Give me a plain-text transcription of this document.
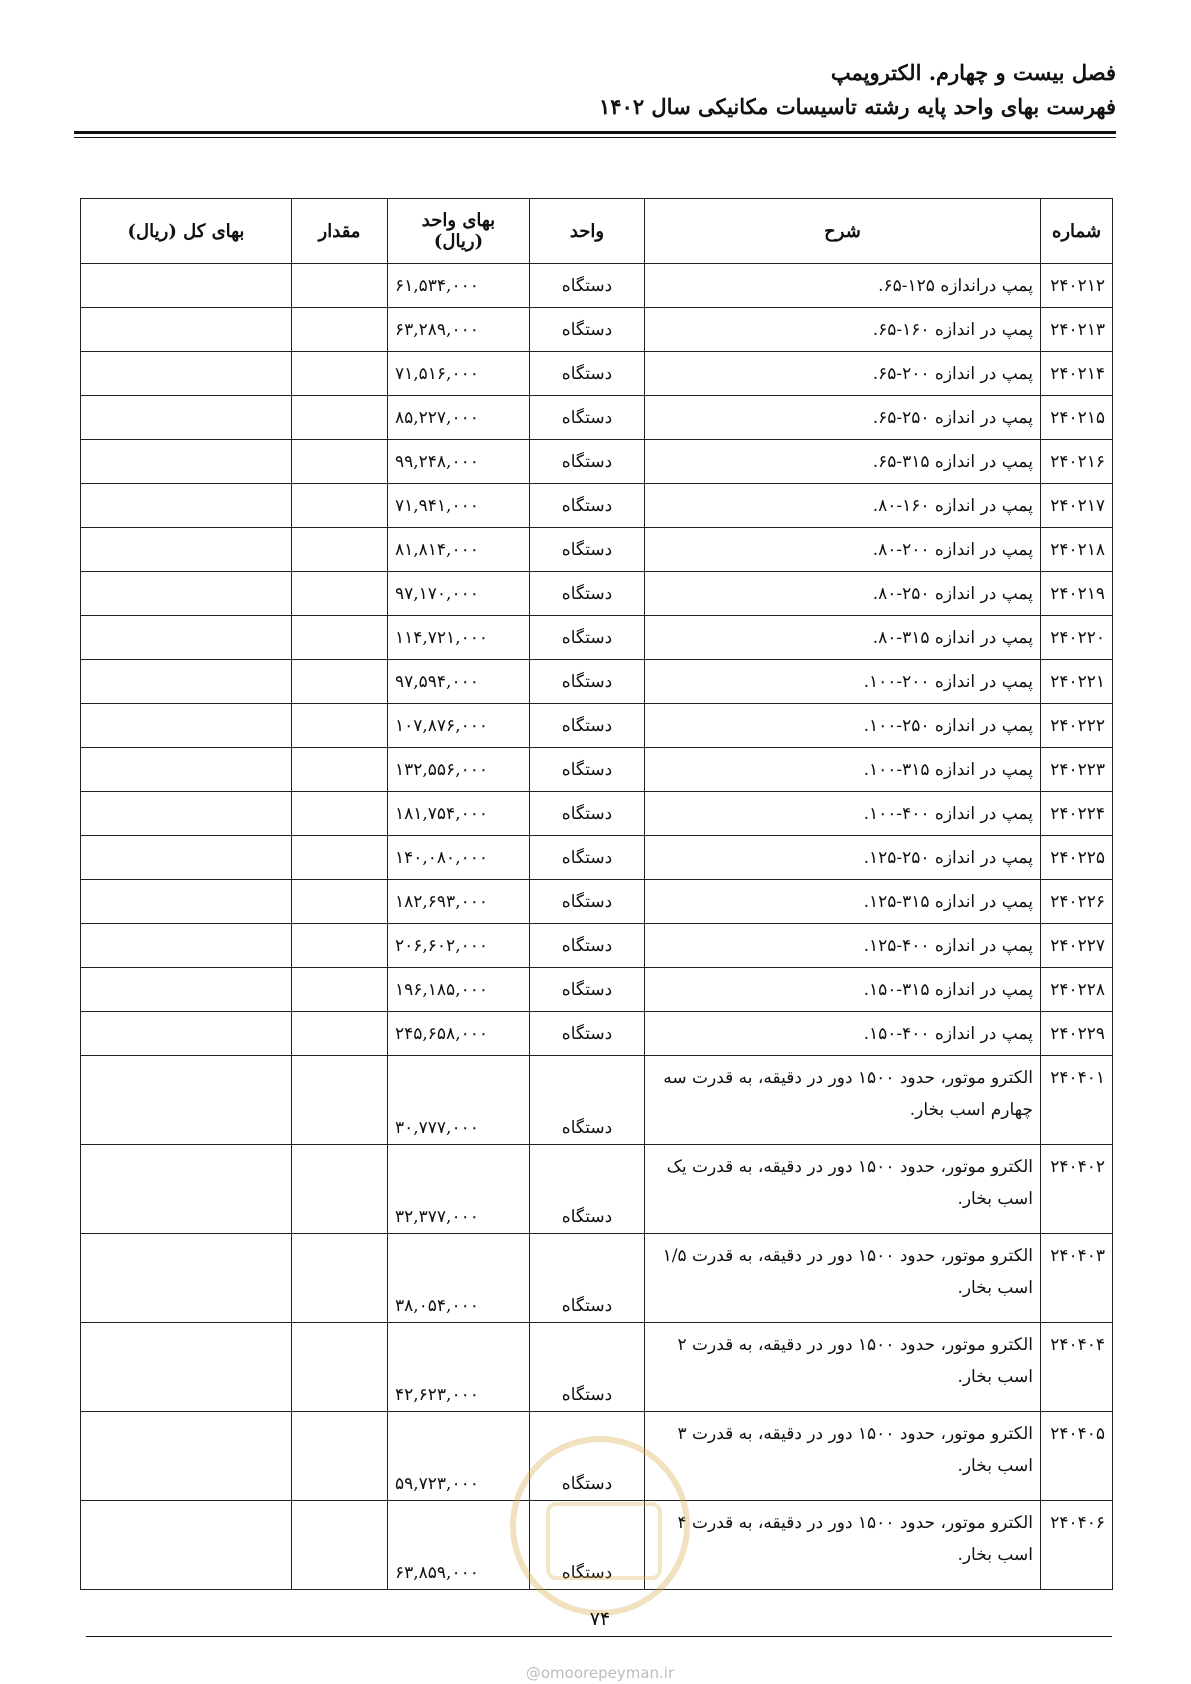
فصل بیست و چهارم. الکتروپمپ
فهرست بهای واحد پایه رشته تاسیسات مکانیکی سال ۱۴۰۲
شماره	شرح	واحد	بهای واحد (ریال)	مقدار	بهای کل (ریال)
۲۴۰۲۱۲	پمپ دراندازه ۱۲۵-۶۵.	دستگاه	۶۱,۵۳۴,۰۰۰		
۲۴۰۲۱۳	پمپ در اندازه ۱۶۰-۶۵.	دستگاه	۶۳,۲۸۹,۰۰۰		
۲۴۰۲۱۴	پمپ در اندازه ۲۰۰-۶۵.	دستگاه	۷۱,۵۱۶,۰۰۰		
۲۴۰۲۱۵	پمپ در اندازه ۲۵۰-۶۵.	دستگاه	۸۵,۲۲۷,۰۰۰		
۲۴۰۲۱۶	پمپ در اندازه ۳۱۵-۶۵.	دستگاه	۹۹,۲۴۸,۰۰۰		
۲۴۰۲۱۷	پمپ در اندازه ۱۶۰-۸۰.	دستگاه	۷۱,۹۴۱,۰۰۰		
۲۴۰۲۱۸	پمپ در اندازه ۲۰۰-۸۰.	دستگاه	۸۱,۸۱۴,۰۰۰		
۲۴۰۲۱۹	پمپ در اندازه ۲۵۰-۸۰.	دستگاه	۹۷,۱۷۰,۰۰۰		
۲۴۰۲۲۰	پمپ در اندازه ۳۱۵-۸۰.	دستگاه	۱۱۴,۷۲۱,۰۰۰		
۲۴۰۲۲۱	پمپ در اندازه ۲۰۰-۱۰۰.	دستگاه	۹۷,۵۹۴,۰۰۰		
۲۴۰۲۲۲	پمپ در اندازه ۲۵۰-۱۰۰.	دستگاه	۱۰۷,۸۷۶,۰۰۰		
۲۴۰۲۲۳	پمپ در اندازه ۳۱۵-۱۰۰.	دستگاه	۱۳۲,۵۵۶,۰۰۰		
۲۴۰۲۲۴	پمپ در اندازه ۴۰۰-۱۰۰.	دستگاه	۱۸۱,۷۵۴,۰۰۰		
۲۴۰۲۲۵	پمپ در اندازه ۲۵۰-۱۲۵.	دستگاه	۱۴۰,۰۸۰,۰۰۰		
۲۴۰۲۲۶	پمپ در اندازه ۳۱۵-۱۲۵.	دستگاه	۱۸۲,۶۹۳,۰۰۰		
۲۴۰۲۲۷	پمپ در اندازه ۴۰۰-۱۲۵.	دستگاه	۲۰۶,۶۰۲,۰۰۰		
۲۴۰۲۲۸	پمپ در اندازه ۳۱۵-۱۵۰.	دستگاه	۱۹۶,۱۸۵,۰۰۰		
۲۴۰۲۲۹	پمپ در اندازه ۴۰۰-۱۵۰.	دستگاه	۲۴۵,۶۵۸,۰۰۰		
۲۴۰۴۰۱	الکترو موتور، حدود ۱۵۰۰ دور در دقیقه، به قدرت سه چهارم اسب بخار.	دستگاه	۳۰,۷۷۷,۰۰۰		
۲۴۰۴۰۲	الکترو موتور، حدود ۱۵۰۰ دور در دقیقه، به قدرت یک اسب بخار.	دستگاه	۳۲,۳۷۷,۰۰۰		
۲۴۰۴۰۳	الکترو موتور، حدود ۱۵۰۰ دور در دقیقه، به قدرت ۱/۵ اسب بخار.	دستگاه	۳۸,۰۵۴,۰۰۰		
۲۴۰۴۰۴	الکترو موتور، حدود ۱۵۰۰ دور در دقیقه، به قدرت ۲ اسب بخار.	دستگاه	۴۲,۶۲۳,۰۰۰		
۲۴۰۴۰۵	الکترو موتور، حدود ۱۵۰۰ دور در دقیقه، به قدرت ۳ اسب بخار.	دستگاه	۵۹,۷۲۳,۰۰۰		
۲۴۰۴۰۶	الکترو موتور، حدود ۱۵۰۰ دور در دقیقه، به قدرت ۴ اسب بخار.	دستگاه	۶۳,۸۵۹,۰۰۰		
۷۴
@omoorepeyman.ir
